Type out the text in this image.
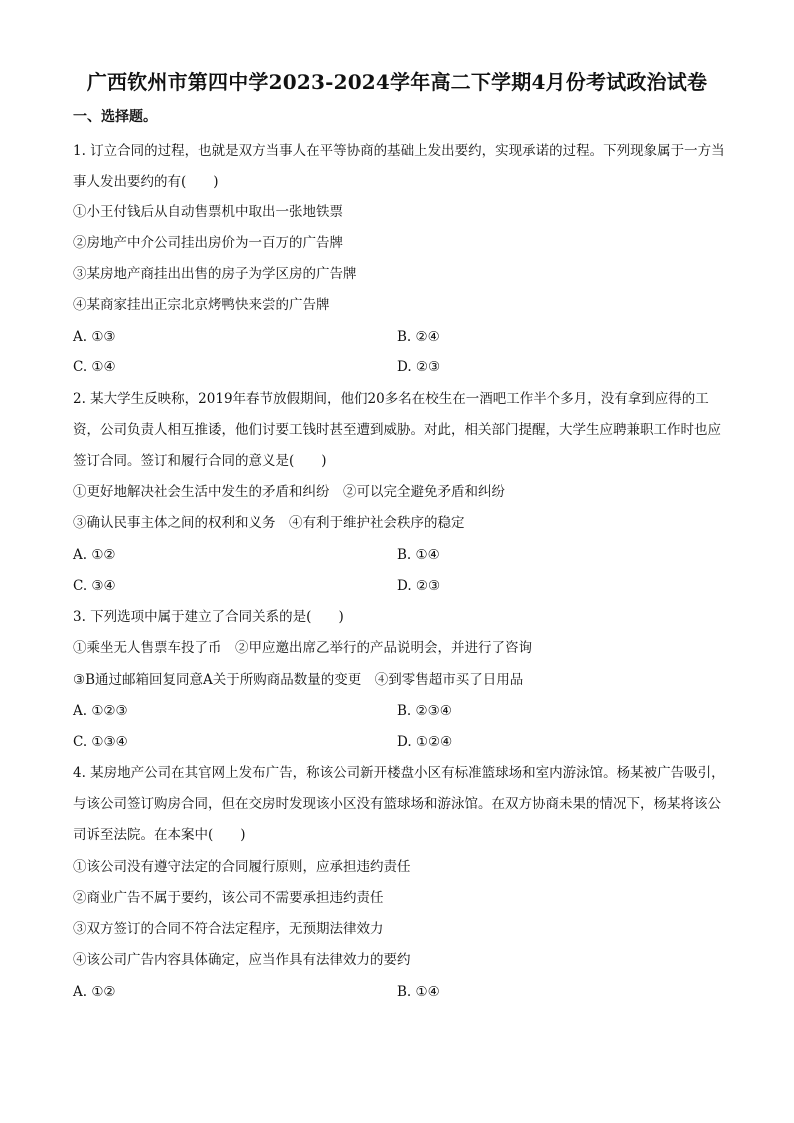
广西钦州市第四中学2023-2024学年高二下学期4月份考试政治试卷
一、选择题。
1. 订立合同的过程，也就是双方当事人在平等协商的基础上发出要约，实现承诺的过程。下列现象属于一方当事人发出要约的有(　　)
①小王付钱后从自动售票机中取出一张地铁票
②房地产中介公司挂出房价为一百万的广告牌
③某房地产商挂出出售的房子为学区房的广告牌
④某商家挂出正宗北京烤鸭快来尝的广告牌
A. ①③	B. ②④
C. ①④	D. ②③
2. 某大学生反映称，2019年春节放假期间，他们20多名在校生在一酒吧工作半个多月，没有拿到应得的工资，公司负责人相互推诿，他们讨要工钱时甚至遭到威胁。对此，相关部门提醒，大学生应聘兼职工作时也应签订合同。签订和履行合同的意义是(　　)
①更好地解决社会生活中发生的矛盾和纠纷　②可以完全避免矛盾和纠纷
③确认民事主体之间的权利和义务　④有利于维护社会秩序的稳定
A. ①②	B. ①④
C. ③④	D. ②③
3. 下列选项中属于建立了合同关系的是(　　)
①乘坐无人售票车投了币　②甲应邀出席乙举行的产品说明会，并进行了咨询
③B通过邮箱回复同意A关于所购商品数量的变更　④到零售超市买了日用品
A. ①②③	B. ②③④
C. ①③④	D. ①②④
4. 某房地产公司在其官网上发布广告，称该公司新开楼盘小区有标准篮球场和室内游泳馆。杨某被广告吸引，与该公司签订购房合同，但在交房时发现该小区没有篮球场和游泳馆。在双方协商未果的情况下，杨某将该公司诉至法院。在本案中(　　)
①该公司没有遵守法定的合同履行原则，应承担违约责任
②商业广告不属于要约，该公司不需要承担违约责任
③双方签订的合同不符合法定程序，无预期法律效力
④该公司广告内容具体确定，应当作具有法律效力的要约
A. ①②	B. ①④
